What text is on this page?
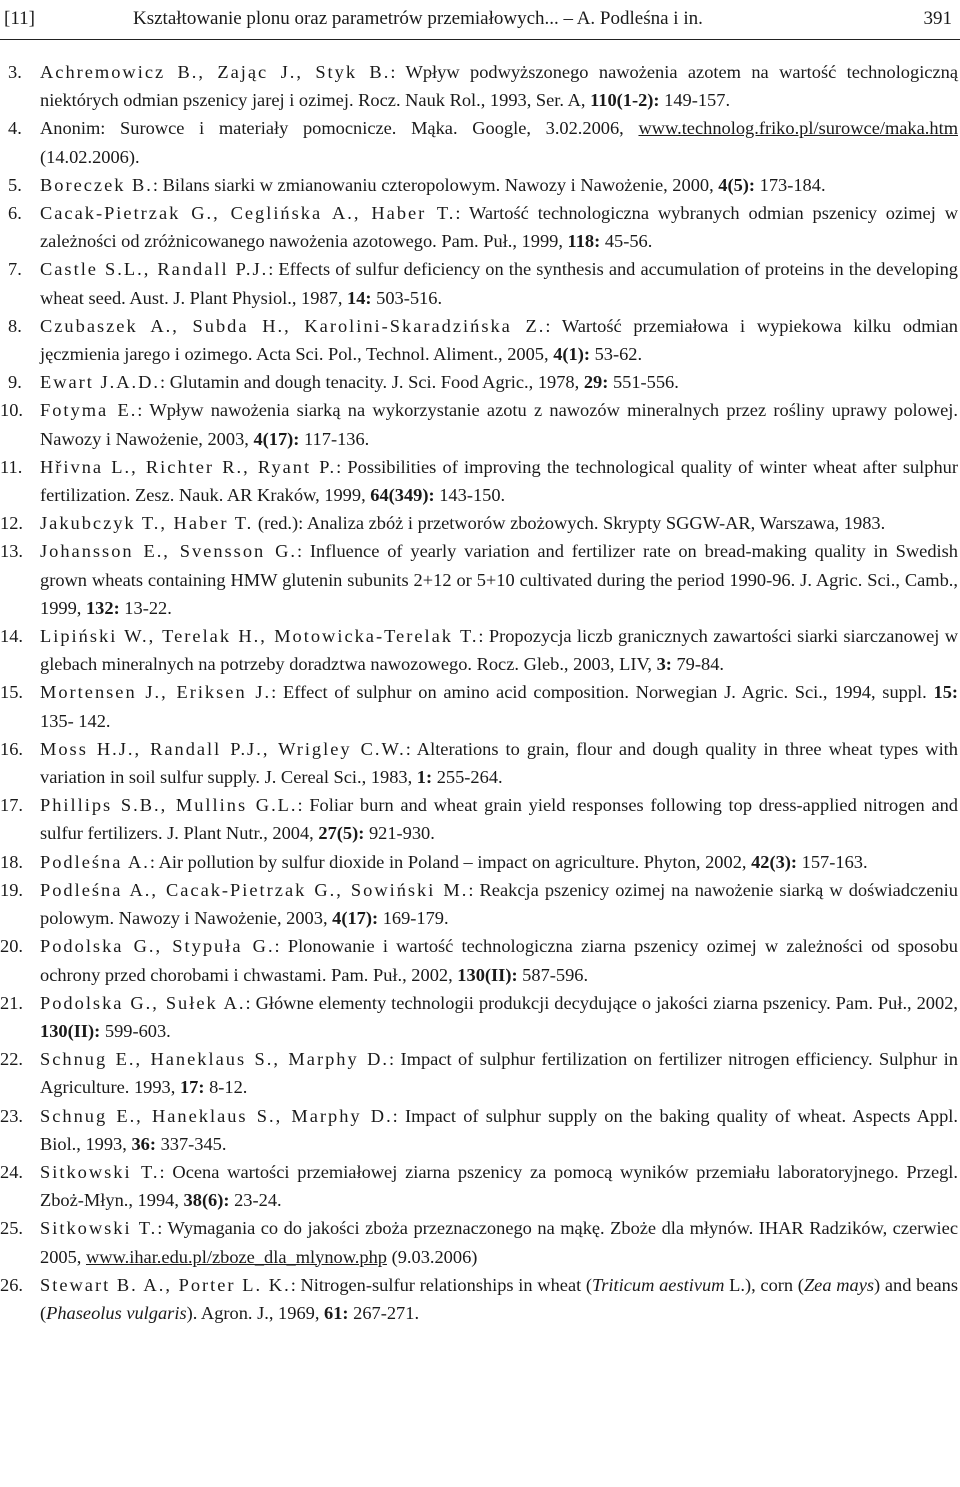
[11]	Kształtowanie plonu oraz parametrów przemiałowych... – A. Podleśna i in.	391
3. Achremowicz B., Zając J., Styk B.: Wpływ podwyższonego nawożenia azotem na wartość technologiczną niektórych odmian pszenicy jarej i ozimej. Rocz. Nauk Rol., 1993, Ser. A, 110(1-2): 149-157.
4. Anonim: Surowce i materiały pomocnicze. Mąka. Google, 3.02.2006, www.technolog.friko.pl/surowce/maka.htm (14.02.2006).
5. Boreczek B.: Bilans siarki w zmianowaniu czteropolowym. Nawozy i Nawożenie, 2000, 4(5): 173-184.
6. Cacak-Pietrzak G., Ceglińska A., Haber T.: Wartość technologiczna wybranych odmian pszenicy ozimej w zależności od zróżnicowanego nawożenia azotowego. Pam. Puł., 1999, 118: 45-56.
7. Castle S.L., Randall P.J.: Effects of sulfur deficiency on the synthesis and accumulation of proteins in the developing wheat seed. Aust. J. Plant Physiol., 1987, 14: 503-516.
8. Czubaszek A., Subda H., Karolini-Skaradzińska Z.: Wartość przemiałowa i wypiekowa kilku odmian jęczmienia jarego i ozimego. Acta Sci. Pol., Technol. Aliment., 2005, 4(1): 53-62.
9. Ewart J.A.D.: Glutamin and dough tenacity. J. Sci. Food Agric., 1978, 29: 551-556.
10. Fotyma E.: Wpływ nawożenia siarką na wykorzystanie azotu z nawozów mineralnych przez rośliny uprawy polowej. Nawozy i Nawożenie, 2003, 4(17): 117-136.
11. Hřivna L., Richter R., Ryant P.: Possibilities of improving the technological quality of winter wheat after sulphur fertilization. Zesz. Nauk. AR Kraków, 1999, 64(349): 143-150.
12. Jakubczyk T., Haber T. (red.): Analiza zbóż i przetworów zbożowych. Skrypty SGGW-AR, Warszawa, 1983.
13. Johansson E., Svensson G.: Influence of yearly variation and fertilizer rate on bread-making quality in Swedish grown wheats containing HMW glutenin subunits 2+12 or 5+10 cultivated during the period 1990-96. J. Agric. Sci., Camb., 1999, 132: 13-22.
14. Lipiński W., Terelak H., Motowicka-Terelak T.: Propozycja liczb granicznych zawartości siarki siarczanowej w glebach mineralnych na potrzeby doradztwa nawozowego. Rocz. Gleb., 2003, LIV, 3: 79-84.
15. Mortensen J., Eriksen J.: Effect of sulphur on amino acid composition. Norwegian J. Agric. Sci., 1994, suppl. 15: 135- 142.
16. Moss H.J., Randall P.J., Wrigley C.W.: Alterations to grain, flour and dough quality in three wheat types with variation in soil sulfur supply. J. Cereal Sci., 1983, 1: 255-264.
17. Phillips S.B., Mullins G.L.: Foliar burn and wheat grain yield responses following top dress-applied nitrogen and sulfur fertilizers. J. Plant Nutr., 2004, 27(5): 921-930.
18. Podleśna A.: Air pollution by sulfur dioxide in Poland – impact on agriculture. Phyton, 2002, 42(3): 157-163.
19. Podleśna A., Cacak-Pietrzak G., Sowiński M.: Reakcja pszenicy ozimej na nawożenie siarką w doświadczeniu polowym. Nawozy i Nawożenie, 2003, 4(17): 169-179.
20. Podolska G., Stypuła G.: Plonowanie i wartość technologiczna ziarna pszenicy ozimej w zależności od sposobu ochrony przed chorobami i chwastami. Pam. Puł., 2002, 130(II): 587-596.
21. Podolska G., Sułek A.: Główne elementy technologii produkcji decydujące o jakości ziarna pszenicy. Pam. Puł., 2002, 130(II): 599-603.
22. Schnug E., Haneklaus S., Marphy D.: Impact of sulphur fertilization on fertilizer nitrogen efficiency. Sulphur in Agriculture. 1993, 17: 8-12.
23. Schnug E., Haneklaus S., Marphy D.: Impact of sulphur supply on the baking quality of wheat. Aspects Appl. Biol., 1993, 36: 337-345.
24. Sitkowski T.: Ocena wartości przemiałowej ziarna pszenicy za pomocą wyników przemiału laboratoryjnego. Przegl. Zboż-Młyn., 1994, 38(6): 23-24.
25. Sitkowski T.: Wymagania co do jakości zboża przeznaczonego na mąkę. Zboże dla młynów. IHAR Radzików, czerwiec 2005, www.ihar.edu.pl/zboze_dla_mlynow.php (9.03.2006)
26. Stewart B. A., Porter L. K.: Nitrogen-sulfur relationships in wheat (Triticum aestivum L.), corn (Zea mays) and beans (Phaseolus vulgaris). Agron. J., 1969, 61: 267-271.
